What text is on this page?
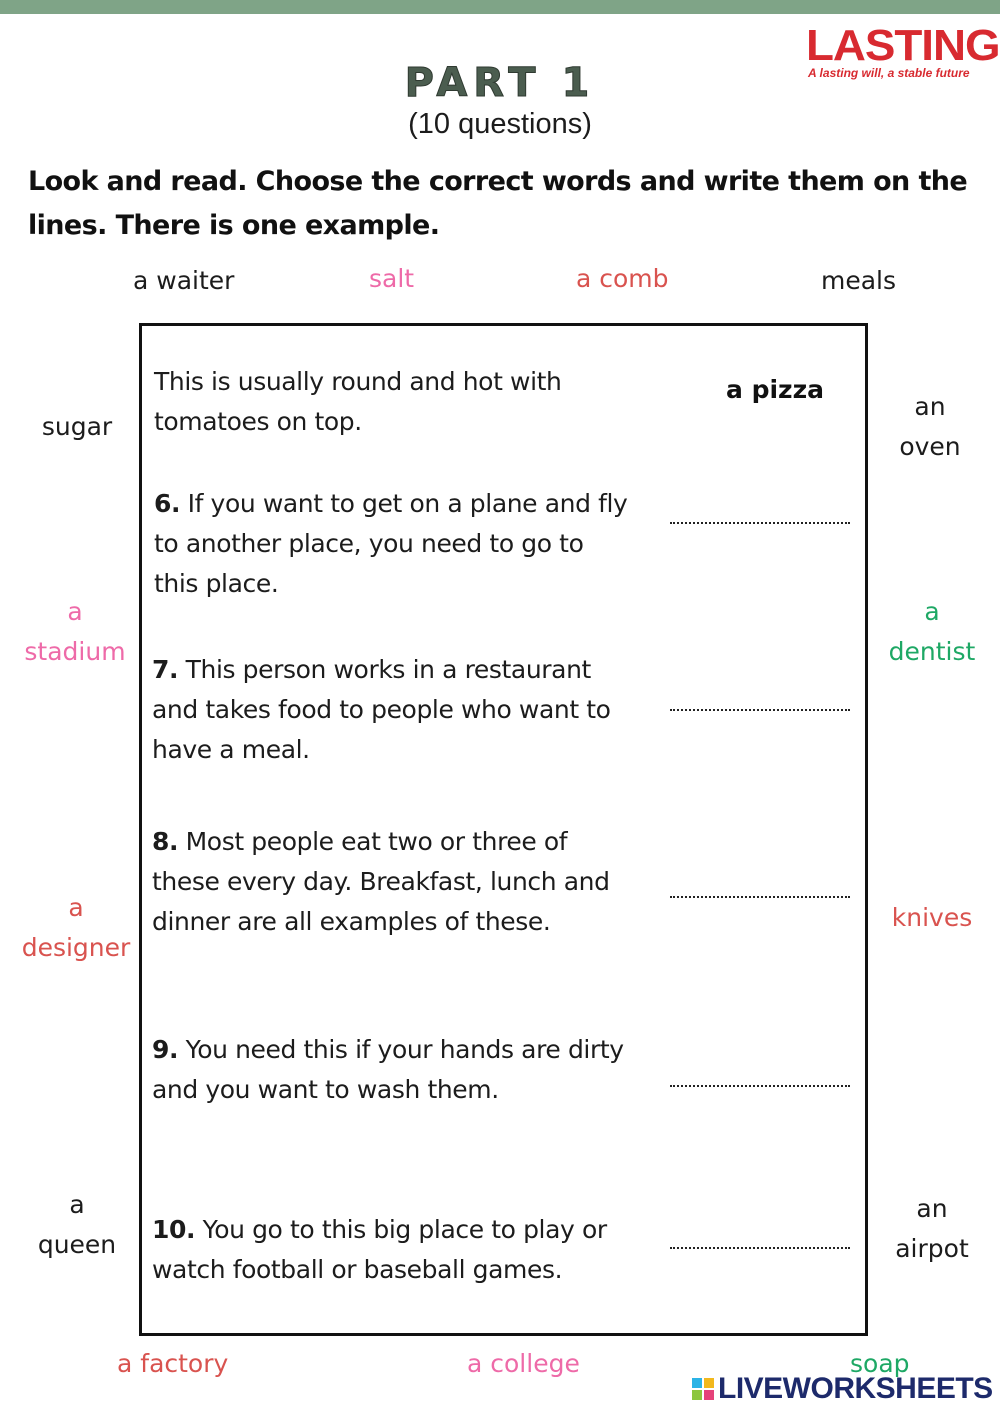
LASTING
A lasting will, a stable future
PART 1
(10 questions)
Look and read. Choose the correct words and write them on the lines. There is one example.
a waiter	salt	a comb	meals
sugar
a
stadium
a
designer
a
queen
an
oven
a
dentist
knives
an
airpot
This is usually round and hot with
tomatoes on top.
a pizza
6. If you want to get on a plane and fly
to another place, you need to go to
this place.
7. This person works in a restaurant
and takes food to people who want to
have a meal.
8. Most people eat two or three of
these every day. Breakfast, lunch and
dinner are all examples of these.
9. You need this if your hands are dirty
and you want to wash them.
10. You go to this big place to play or
watch football or baseball games.
a factory	a college	soap
LIVEWORKSHEETS
